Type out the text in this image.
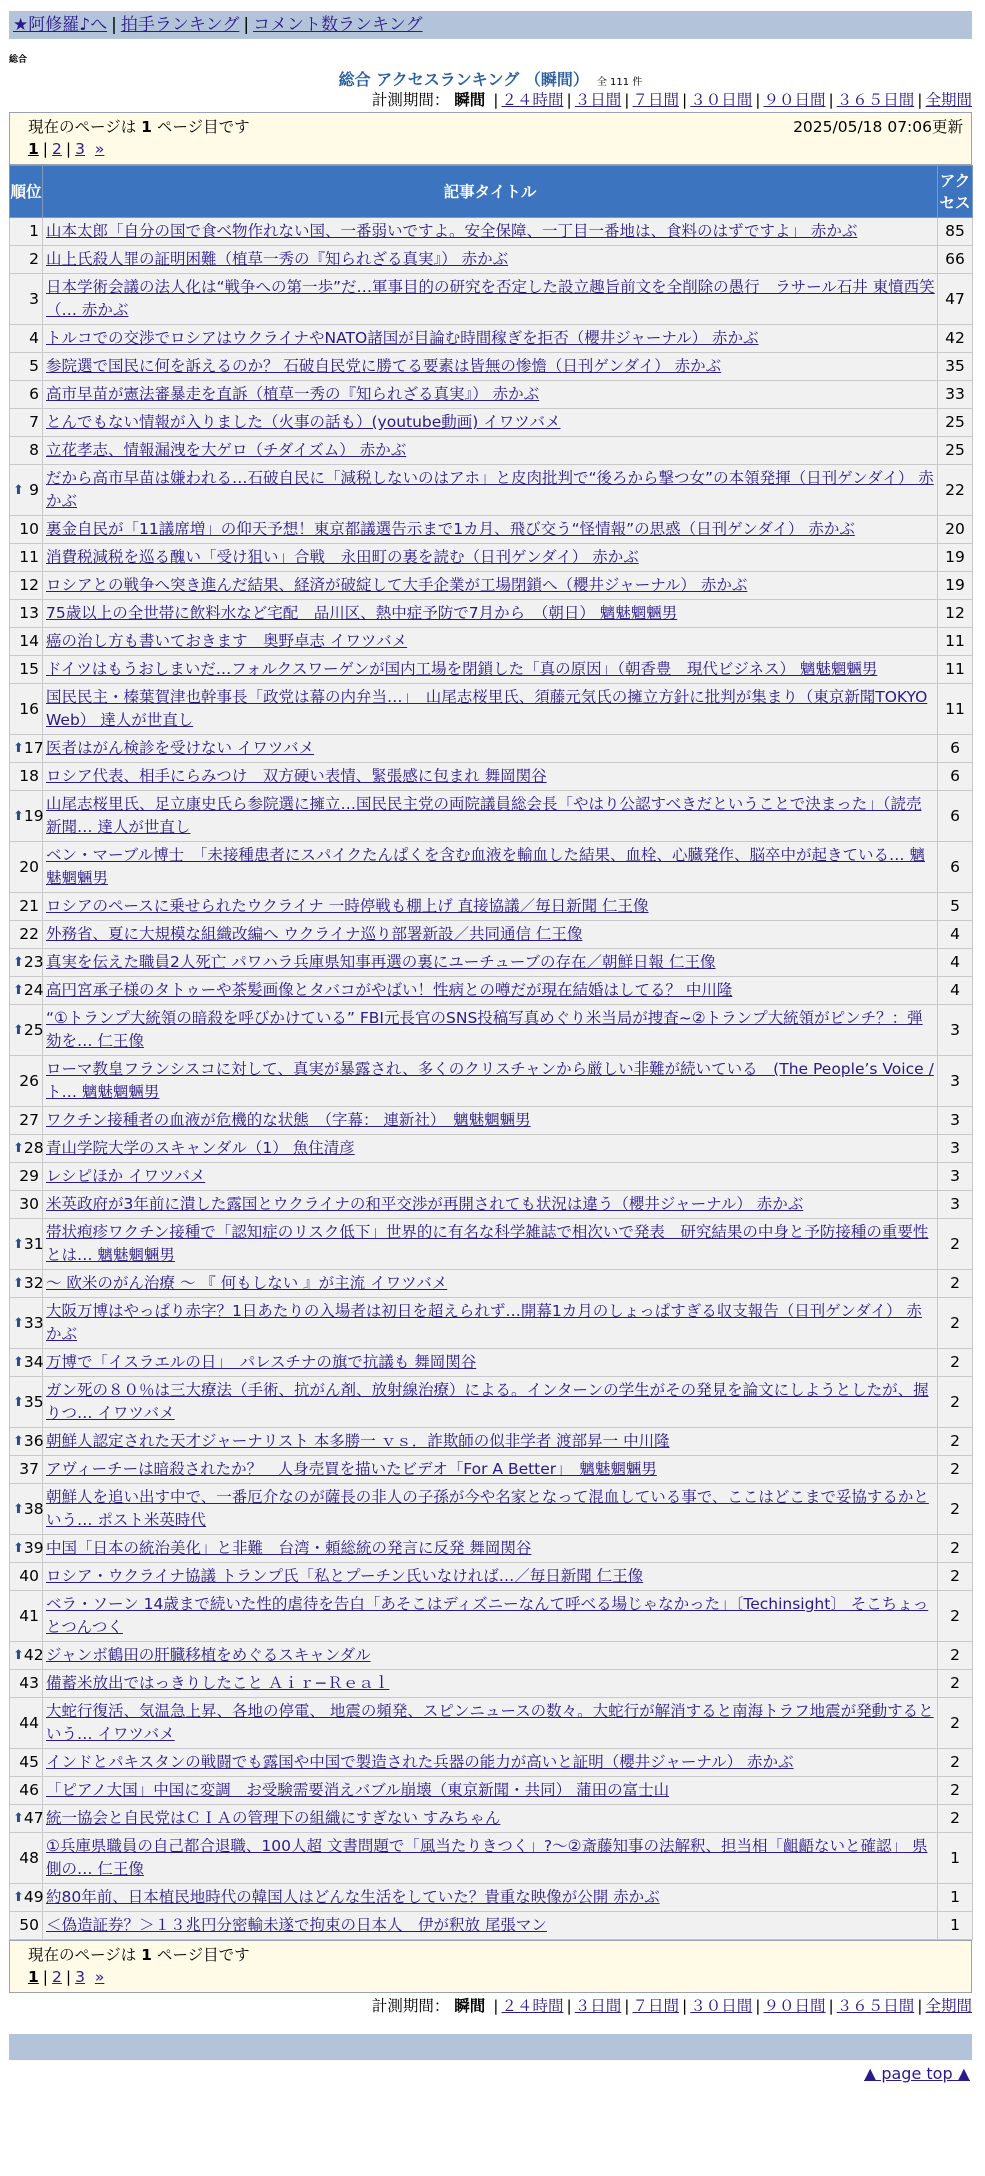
★阿修羅♪へ | 拍手ランキング | コメント数ランキング
総合
総合 アクセスランキング （瞬間） 全 111 件
計測期間： 瞬間 | ２４時間 | ３日間 | ７日間 | ３０日間 | ９０日間 | ３６５日間 | 全期間
現在のページは 1 ページ目です	2025/05/18 07:06更新
1 | 2 | 3 »
順位	記事タイトル	アクセス
1	山本太郎「自分の国で食べ物作れない国、一番弱いですよ。安全保障、一丁目一番地は、食料のはずですよ」 赤かぶ	85
2	山上氏殺人罪の証明困難（植草一秀の『知られざる真実』） 赤かぶ	66
3	日本学術会議の法人化は“戦争への第一歩”だ…軍事目的の研究を否定した設立趣旨前文を全削除の愚行　ラサール石井 東憤西笑（… 赤かぶ	47
4	トルコでの交渉でロシアはウクライナやNATO諸国が目論む時間稼ぎを拒否（櫻井ジャーナル） 赤かぶ	42
5	参院選で国民に何を訴えるのか？ 石破自民党に勝てる要素は皆無の惨憺（日刊ゲンダイ） 赤かぶ	35
6	高市早苗が憲法審暴走を直訴（植草一秀の『知られざる真実』） 赤かぶ	33
7	とんでもない情報が入りました（火事の話も）(youtube動画) イワツバメ	25
8	立花孝志、情報漏洩を大ゲロ（チダイズム） 赤かぶ	25

⬆ 9	だから高市早苗は嫌われる…石破自民に「減税しないのはアホ」と皮肉批判で“後ろから撃つ女”の本領発揮（日刊ゲンダイ） 赤かぶ	22
10	裏金自民が「11議席増」の仰天予想！東京都議選告示まで1カ月、飛び交う“怪情報”の思惑（日刊ゲンダイ） 赤かぶ	20
11	消費税減税を巡る醜い「受け狙い」合戦　永田町の裏を読む（日刊ゲンダイ） 赤かぶ	19
12	ロシアとの戦争へ突き進んだ結果、経済が破綻して大手企業が工場閉鎖へ（櫻井ジャーナル） 赤かぶ	19
13	75歳以上の全世帯に飲料水など宅配　品川区、熱中症予防で7月から　（朝日） 魑魅魍魎男	12
14	癌の治し方も書いておきます　奥野卓志 イワツバメ	11
15	ドイツはもうおしまいだ…フォルクスワーゲンが国内工場を閉鎖した「真の原因」（朝香豊　現代ビジネス） 魑魅魍魎男	11
16	国民民主・榛葉賀津也幹事長「政党は幕の内弁当…」　山尾志桜里氏、須藤元気氏の擁立方針に批判が集まり（東京新聞TOKYO Web） 達人が世直し	11

⬆ 17	医者はがん検診を受けない イワツバメ	6
18	ロシア代表、相手にらみつけ　双方硬い表情、緊張感に包まれ 舞岡関谷	6

⬆ 19	山尾志桜里氏、足立康史氏ら参院選に擁立…国民民主党の両院議員総会長「やはり公認すべきだということで決まった」（読売新聞… 達人が世直し	6
20	ベン・マーブル博士　「未接種患者にスパイクたんぱくを含む血液を輸血した結果、血栓、心臓発作、脳卒中が起きている… 魑魅魍魎男	6
21	ロシアのペースに乗せられたウクライナ 一時停戦も棚上げ 直接協議／毎日新聞 仁王像	5
22	外務省、夏に大規模な組織改編へ ウクライナ巡り部署新設／共同通信 仁王像	4

⬆ 23	真実を伝えた職員2人死亡 パワハラ兵庫県知事再選の裏にユーチューブの存在／朝鮮日報 仁王像	4

⬆ 24	高円宮承子様のタトゥーや茶髪画像とタバコがやばい！性病との噂だが現在結婚はしてる？ 中川隆	4

⬆ 25	“①トランプ大統領の暗殺を呼びかけている” FBI元長官のSNS投稿写真めぐり米当局が捜査~②トランプ大統領がピンチ？：弾劾を… 仁王像	3
26	ローマ教皇フランシスコに対して、真実が暴露され、多くのクリスチャンから厳しい非難が続いている　(The People’s Voice / ト… 魑魅魍魎男	3
27	ワクチン接種者の血液が危機的な状態　（字幕： 連新社）　魑魅魍魎男	3

⬆ 28	青山学院大学のスキャンダル（1） 魚住清彦	3
29	レシピほか イワツバメ	3
30	米英政府が3年前に潰した露国とウクライナの和平交渉が再開されても状況は違う（櫻井ジャーナル） 赤かぶ	3

⬆ 31	帯状疱疹ワクチン接種で「認知症のリスク低下」世界的に有名な科学雑誌で相次いで発表　研究結果の中身と予防接種の重要性とは… 魑魅魍魎男	2

⬆ 32	～ 欧米のがん治療 ～ 『 何もしない 』が主流 イワツバメ	2

⬆ 33	大阪万博はやっぱり赤字？1日あたりの入場者は初日を超えられず…開幕1カ月のしょっぱすぎる収支報告（日刊ゲンダイ） 赤かぶ	2

⬆ 34	万博で「イスラエルの日」　パレスチナの旗で抗議も 舞岡関谷	2

⬆ 35	ガン死の８０％は三大療法（手術、抗がん剤、放射線治療）による。インターンの学生がその発見を論文にしようとしたが、握りつ… イワツバメ	2

⬆ 36	朝鮮人認定された天才ジャーナリスト 本多勝一 ｖｓ．詐欺師の似非学者 渡部昇一 中川隆	2
37	アヴィーチーは暗殺されたか？　人身売買を描いたビデオ「For A Better」　魑魅魍魎男	2

⬆ 38	朝鮮人を追い出す中で、一番厄介なのが薩長の非人の子孫が今や名家となって混血している事で、ここはどこまで妥協するかという… ポスト米英時代	2

⬆ 39	中国「日本の統治美化」と非難　台湾・頼総統の発言に反発 舞岡関谷	2
40	ロシア・ウクライナ協議 トランプ氏「私とプーチン氏いなければ…／毎日新聞 仁王像	2
41	ベラ・ソーン 14歳まで続いた性的虐待を告白「あそこはディズニーなんて呼べる場じゃなかった」〔Techinsight〕 そこちょっとつんつく	2

⬆ 42	ジャンボ鶴田の肝臓移植をめぐるスキャンダル	2
43	備蓄米放出ではっきりしたこと Ａｉｒ−Ｒｅａｌ	2
44	大蛇行復活、気温急上昇、各地の停電、 地震の頻発、スピンニュースの数々。大蛇行が解消すると南海トラフ地震が発動するという… イワツバメ	2
45	インドとパキスタンの戦闘でも露国や中国で製造された兵器の能力が高いと証明（櫻井ジャーナル） 赤かぶ	2
46	「ピアノ大国」中国に変調　お受験需要消えバブル崩壊（東京新聞・共同） 蒲田の富士山	2

⬆ 47	統一協会と自民党はＣＩＡの管理下の組織にすぎない すみちゃん	2
48	①兵庫県職員の自己都合退職、100人超 文書問題で「風当たりきつく」?～②斎藤知事の法解釈、担当相「齟齬ないと確認」 県側の… 仁王像	1

⬆ 49	約80年前、日本植民地時代の韓国人はどんな生活をしていた？貴重な映像が公開 赤かぶ	1
50	＜偽造証券？＞１３兆円分密輸未遂で拘束の日本人　伊が釈放 尾張マン	1
現在のページは 1 ページ目です
1 | 2 | 3 »
計測期間： 瞬間 | ２４時間 | ３日間 | ７日間 | ３０日間 | ９０日間 | ３６５日間 | 全期間
▲ page top ▲
